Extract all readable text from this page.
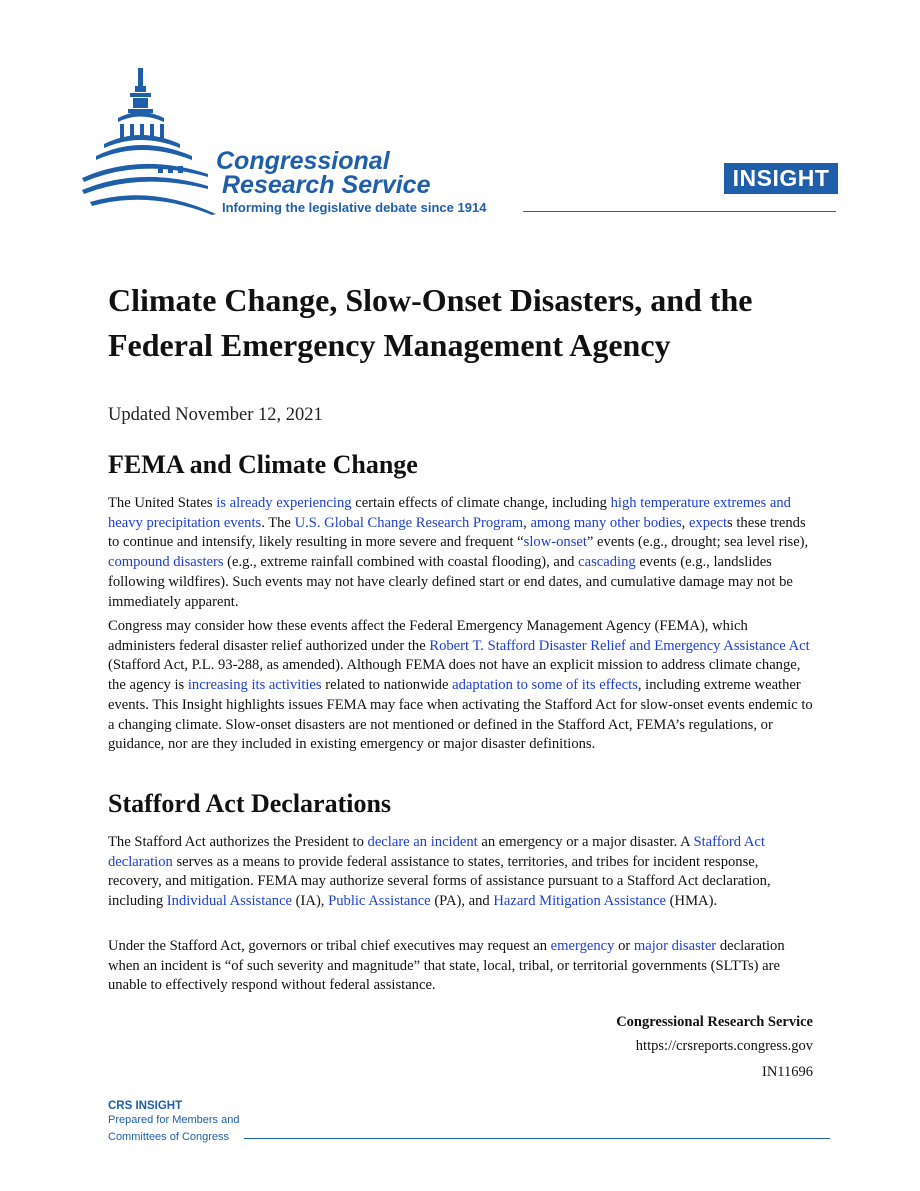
Congressional
Research Service
Informing the legislative debate since 1914
INSIGHT
Climate Change, Slow-Onset Disasters, and the Federal Emergency Management Agency
Updated November 12, 2021
FEMA and Climate Change

The United States is already experiencing certain effects of climate change, including high temperature extremes and heavy precipitation events. The U.S. Global Change Research Program, among many other bodies, expects these trends to continue and intensify, likely resulting in more severe and frequent “slow-onset” events (e.g., drought; sea level rise), compound disasters (e.g., extreme rainfall combined with coastal flooding), and cascading events (e.g., landslides following wildfires). Such events may not have clearly defined start or end dates, and cumulative damage may not be immediately apparent.

Congress may consider how these events affect the Federal Emergency Management Agency (FEMA), which administers federal disaster relief authorized under the Robert T. Stafford Disaster Relief and Emergency Assistance Act (Stafford Act, P.L. 93-288, as amended). Although FEMA does not have an explicit mission to address climate change, the agency is increasing its activities related to nationwide adaptation to some of its effects, including extreme weather events. This Insight highlights issues FEMA may face when activating the Stafford Act for slow-onset events endemic to a changing climate. Slow-onset disasters are not mentioned or defined in the Stafford Act, FEMA’s regulations, or guidance, nor are they included in existing emergency or major disaster definitions.

Stafford Act Declarations

The Stafford Act authorizes the President to declare an incident an emergency or a major disaster. A Stafford Act declaration serves as a means to provide federal assistance to states, territories, and tribes for incident response, recovery, and mitigation. FEMA may authorize several forms of assistance pursuant to a Stafford Act declaration, including Individual Assistance (IA), Public Assistance (PA), and Hazard Mitigation Assistance (HMA).

Under the Stafford Act, governors or tribal chief executives may request an emergency or major disaster declaration when an incident is “of such severity and magnitude” that state, local, tribal, or territorial governments (SLTTs) are unable to effectively respond without federal assistance.

Congressional Research Service
https://crsreports.congress.gov
IN11696
CRS INSIGHT
Prepared for Members and
Committees of Congress
